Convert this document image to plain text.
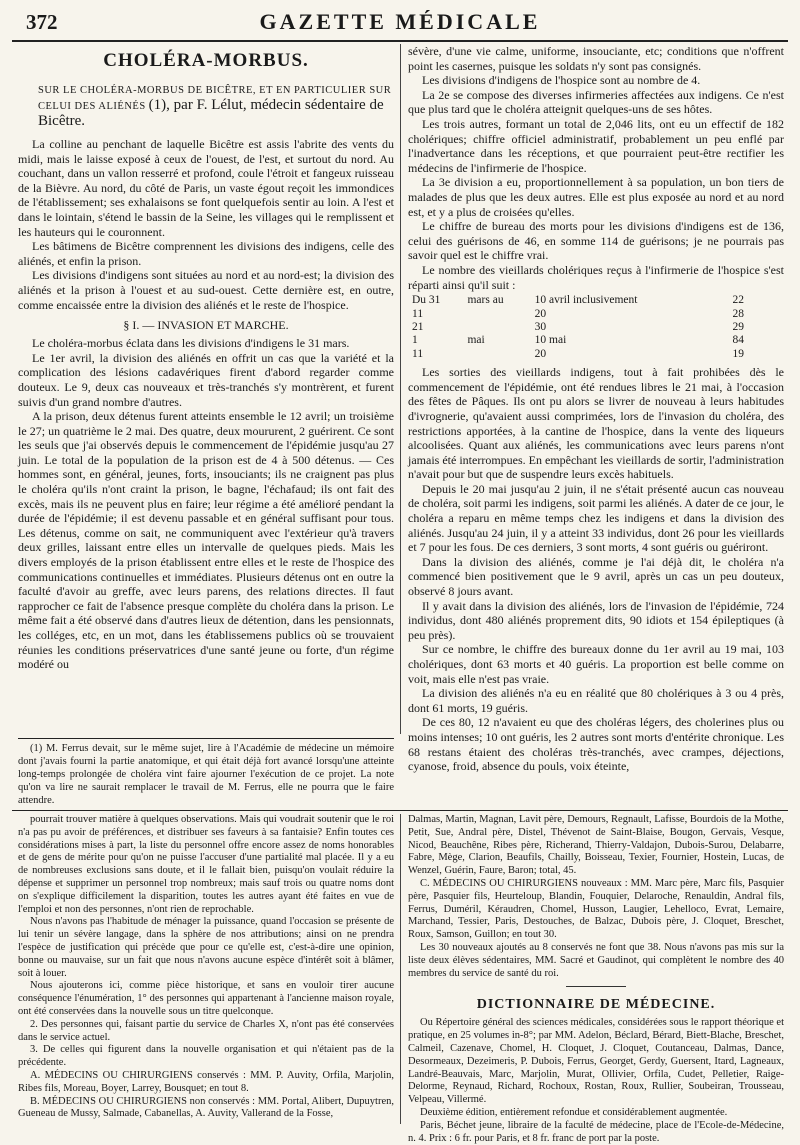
372	GAZETTE MÉDICALE
CHOLÉRA-MORBUS.
SUR LE CHOLÉRA-MORBUS DE BICÊTRE, ET EN PARTICULIER SUR CELUI DES ALIÉNÉS (1), par F. Lélut, médecin sédentaire de Bicêtre.

La colline au penchant de laquelle Bicêtre est assis l'abrite des vents du midi, mais le laisse exposé à ceux de l'ouest, de l'est, et surtout du nord. Au couchant, dans un vallon resserré et profond, coule l'étroit et fangeux ruisseau de la Bièvre. Au nord, du côté de Paris, un vaste égout reçoit les immondices de l'établissement; ses exhalaisons se font quelquefois sentir au loin. A l'est et dans le lointain, s'étend le bassin de la Seine, les villages qui le remplissent et les hauteurs qui le couronnent.

Les bâtimens de Bicêtre comprennent les divisions des indigens, celle des aliénés, et enfin la prison.

Les divisions d'indigens sont situées au nord et au nord-est; la division des aliénés et la prison à l'ouest et au sud-ouest. Cette dernière est, en outre, comme encaissée entre la division des aliénés et le reste de l'hospice.

§ I. — INVASION ET MARCHE.

Le choléra-morbus éclata dans les divisions d'indigens le 31 mars.

Le 1er avril, la division des aliénés en offrit un cas que la variété et la complication des lésions cadavériques firent d'abord regarder comme douteux. Le 9, deux cas nouveaux et très-tranchés s'y montrèrent, et furent suivis d'un grand nombre d'autres.

A la prison, deux détenus furent atteints ensemble le 12 avril; un troisième le 27; un quatrième le 2 mai. Des quatre, deux moururent, 2 guérirent. Ce sont les seuls que j'ai observés depuis le commencement de l'épidémie jusqu'au 27 juin. Le total de la population de la prison est de 4 à 500 détenus. — Ces hommes sont, en général, jeunes, forts, insouciants; ils ne craignent pas plus le choléra qu'ils n'ont craint la prison, le bagne, l'échafaud; ils ont fait des excès, mais ils ne peuvent plus en faire; leur régime a été amélioré pendant la durée de l'épidémie; il est devenu passable et en général suffisant pour tous. Les détenus, comme on sait, ne communiquent avec l'extérieur qu'à travers deux grilles, laissant entre elles un intervalle de quelques pieds. Mais les divers employés de la prison établissent entre elles et le reste de l'hospice des communications continuelles et immédiates. Plusieurs détenus ont en outre la faculté d'avoir au greffe, avec leurs parens, des relations directes. Il faut rapprocher ce fait de l'absence presque complète du choléra dans la prison. Le même fait a été observé dans d'autres lieux de détention, dans les pensionnats, les colléges, etc, en un mot, dans les établissemens publics où se trouvaient réunies les conditions préservatrices d'une santé jeune ou forte, d'un régime modéré ou

sévère, d'une vie calme, uniforme, insouciante, etc; conditions que n'offrent point les casernes, puisque les soldats n'y sont pas consignés.

Les divisions d'indigens de l'hospice sont au nombre de 4.

La 2e se compose des diverses infirmeries affectées aux indigens. Ce n'est que plus tard que le choléra atteignit quelques-uns de ses hôtes.

Les trois autres, formant un total de 2,046 lits, ont eu un effectif de 182 cholériques; chiffre officiel administratif, probablement un peu enflé par l'inadvertance dans les réceptions, et que pourraient peut-être rectifier les médecins de l'infirmerie de l'hospice.

La 3e division a eu, proportionnellement à sa population, un bon tiers de malades de plus que les deux autres. Elle est plus exposée au nord et au nord est, et y a plus de croisées qu'elles.

Le chiffre de bureau des morts pour les divisions d'indigens est de 136, celui des guérisons de 46, en somme 114 de guérisons; je ne pourrais pas savoir quel est le chiffre vrai.

Le nombre des vieillards cholériques reçus à l'infirmerie de l'hospice s'est réparti ainsi qu'il suit :

Du 31	mars au	10 avril inclusivement	22
11		20	28
21		30	29
1	mai	10 mai	84
11		20	19

Les sorties des vieillards indigens, tout à fait prohibées dès le commencement de l'épidémie, ont été rendues libres le 21 mai, à l'occasion des fêtes de Pâques. Ils ont pu alors se livrer de nouveau à leurs habitudes d'ivrognerie, qu'avaient aussi comprimées, lors de l'invasion du choléra, des restrictions apportées, à la cantine de l'hospice, dans la vente des liqueurs alcoolisées. Quant aux aliénés, les communications avec leurs parens n'ont jamais été interrompues. En empêchant les vieillards de sortir, l'administration n'avait pour but que de suspendre leurs excès habituels.

Depuis le 20 mai jusqu'au 2 juin, il ne s'était présenté aucun cas nouveau de choléra, soit parmi les indigens, soit parmi les aliénés. A dater de ce jour, le choléra a reparu en même temps chez les indigens et dans la division des aliénés. Jusqu'au 24 juin, il y a atteint 33 individus, dont 26 pour les vieillards et 7 pour les fous. De ces derniers, 3 sont morts, 4 sont guéris ou guériront.

Dans la division des aliénés, comme je l'ai déjà dit, le choléra n'a commencé bien positivement que le 9 avril, après un cas un peu douteux, observé 8 jours avant.

Il y avait dans la division des aliénés, lors de l'invasion de l'épidémie, 724 individus, dont 480 aliénés proprement dits, 90 idiots et 154 épileptiques (à peu près).

Sur ce nombre, le chiffre des bureaux donne du 1er avril au 19 mai, 103 cholériques, dont 63 morts et 40 guéris. La proportion est belle comme on voit, mais elle n'est pas vraie.

La division des aliénés n'a eu en réalité que 80 cholériques à 3 ou 4 près, dont 61 morts, 19 guéris.

De ces 80, 12 n'avaient eu que des choléras légers, des cholerines plus ou moins intenses; 10 ont guéris, les 2 autres sont morts d'entérite chronique. Les 68 restans étaient des choléras très-tranchés, avec crampes, déjections, cyanose, froid, absence du pouls, voix éteinte,

(1) M. Ferrus devait, sur le même sujet, lire à l'Académie de médecine un mémoire dont j'avais fourni la partie anatomique, et qui était déjà fort avancé lorsqu'une atteinte long-temps prolongée de choléra vint faire ajourner l'exécution de ce projet. La note qu'on va lire ne saurait remplacer le travail de M. Ferrus, elle ne pourra que le faire attendre.

pourrait trouver matière à quelques observations. Mais qui voudrait soutenir que le roi n'a pas pu avoir de préférences, et distribuer ses faveurs à sa fantaisie? Enfin toutes ces considérations mises à part, la liste du personnel offre encore assez de noms honorables et de gens de mérite pour qu'on ne puisse l'accuser d'une partialité mal placée. Il y a eu de nombreuses exclusions sans doute, et il le fallait bien, puisqu'on voulait réduire la dépense et supprimer un personnel trop nombreux; mais sauf trois ou quatre noms dont on s'explique difficilement la disparition, toutes les autres ayant été faites en vue de l'emploi et non des personnes, n'ont rien de reprochable.

Nous n'avons pas l'habitude de ménager la puissance, quand l'occasion se présente de lui tenir un sévère langage, dans la sphère de nos attributions; ainsi on ne prendra l'espèce de justification qui précède que pour ce qu'elle est, c'est-à-dire une opinion, bonne ou mauvaise, sur un fait que nous n'avons aucune espèce d'intérêt soit à blâmer, soit à louer.

Nous ajouterons ici, comme pièce historique, et sans en vouloir tirer aucune conséquence l'énumération, 1° des personnes qui appartenant à l'ancienne maison royale, ont été conservées dans la nouvelle sous un titre quelconque.

2. Des personnes qui, faisant partie du service de Charles X, n'ont pas été conservées dans le service actuel.

3. De celles qui figurent dans la nouvelle organisation et qui n'étaient pas de la précédente.

A. MÉDECINS OU CHIRURGIENS conservés : MM. P. Auvity, Orfila, Marjolin, Ribes fils, Moreau, Boyer, Larrey, Bousquet; en tout 8.

B. MÉDECINS OU CHIRURGIENS non conservés : MM. Portal, Alibert, Dupuytren, Gueneau de Mussy, Salmade, Cabanellas, A. Auvity, Vallerand de la Fosse,

Dalmas, Martin, Magnan, Lavit père, Demours, Regnault, Lafisse, Bourdois de la Mothe, Petit, Sue, Andral père, Distel, Thévenot de Saint-Blaise, Bougon, Gervais, Vesque, Nicod, Beauchêne, Ribes père, Richerand, Thierry-Valdajon, Dubois-Surou, Delabarre, Fabre, Mège, Clarion, Beaufils, Chailly, Boisseau, Texier, Fournier, Hostein, Lucas, de Wenzel, Guérin, Faure, Baron; total, 45.

C. MÉDECINS OU CHIRURGIENS nouveaux : MM. Marc père, Marc fils, Pasquier père, Pasquier fils, Heurteloup, Blandin, Fouquier, Delaroche, Renauldin, Andral fils, Ferrus, Duméril, Kéraudren, Chomel, Husson, Laugier, Lehelloco, Evrat, Lemaire, Marchand, Tessier, Paris, Destouches, de Balzac, Dubois père, J. Cloquet, Breschet, Roux, Samson, Guillon; en tout 30.

Les 30 nouveaux ajoutés au 8 conservés ne font que 38. Nous n'avons pas mis sur la liste deux élèves sédentaires, MM. Sacré et Gaudinot, qui complètent le nombre des 40 membres du service de santé du roi.

DICTIONNAIRE DE MÉDECINE.

Ou Répertoire général des sciences médicales, considérées sous le rapport théorique et pratique, en 25 volumes in-8°; par MM. Adelon, Béclard, Bérard, Biett-Blache, Breschet, Calmeil, Cazenave, Chomel, H. Cloquet, J. Cloquet, Coutanceau, Dalmas, Dance, Desormeaux, Dezeimeris, P. Dubois, Ferrus, Georget, Gerdy, Guersent, Itard, Lagneaux, Landré-Beauvais, Marc, Marjolin, Murat, Ollivier, Orfila, Cudet, Pelletier, Raige-Delorme, Reynaud, Richard, Rochoux, Rostan, Roux, Rullier, Soubeiran, Trousseau, Velpeau, Villermé.

Deuxième édition, entièrement refondue et considérablement augmentée.

Paris, Béchet jeune, libraire de la faculté de médecine, place de l'Ecole-de-Médecine, n. 4. Prix : 6 fr. pour Paris, et 8 fr. franc de port par la poste.
